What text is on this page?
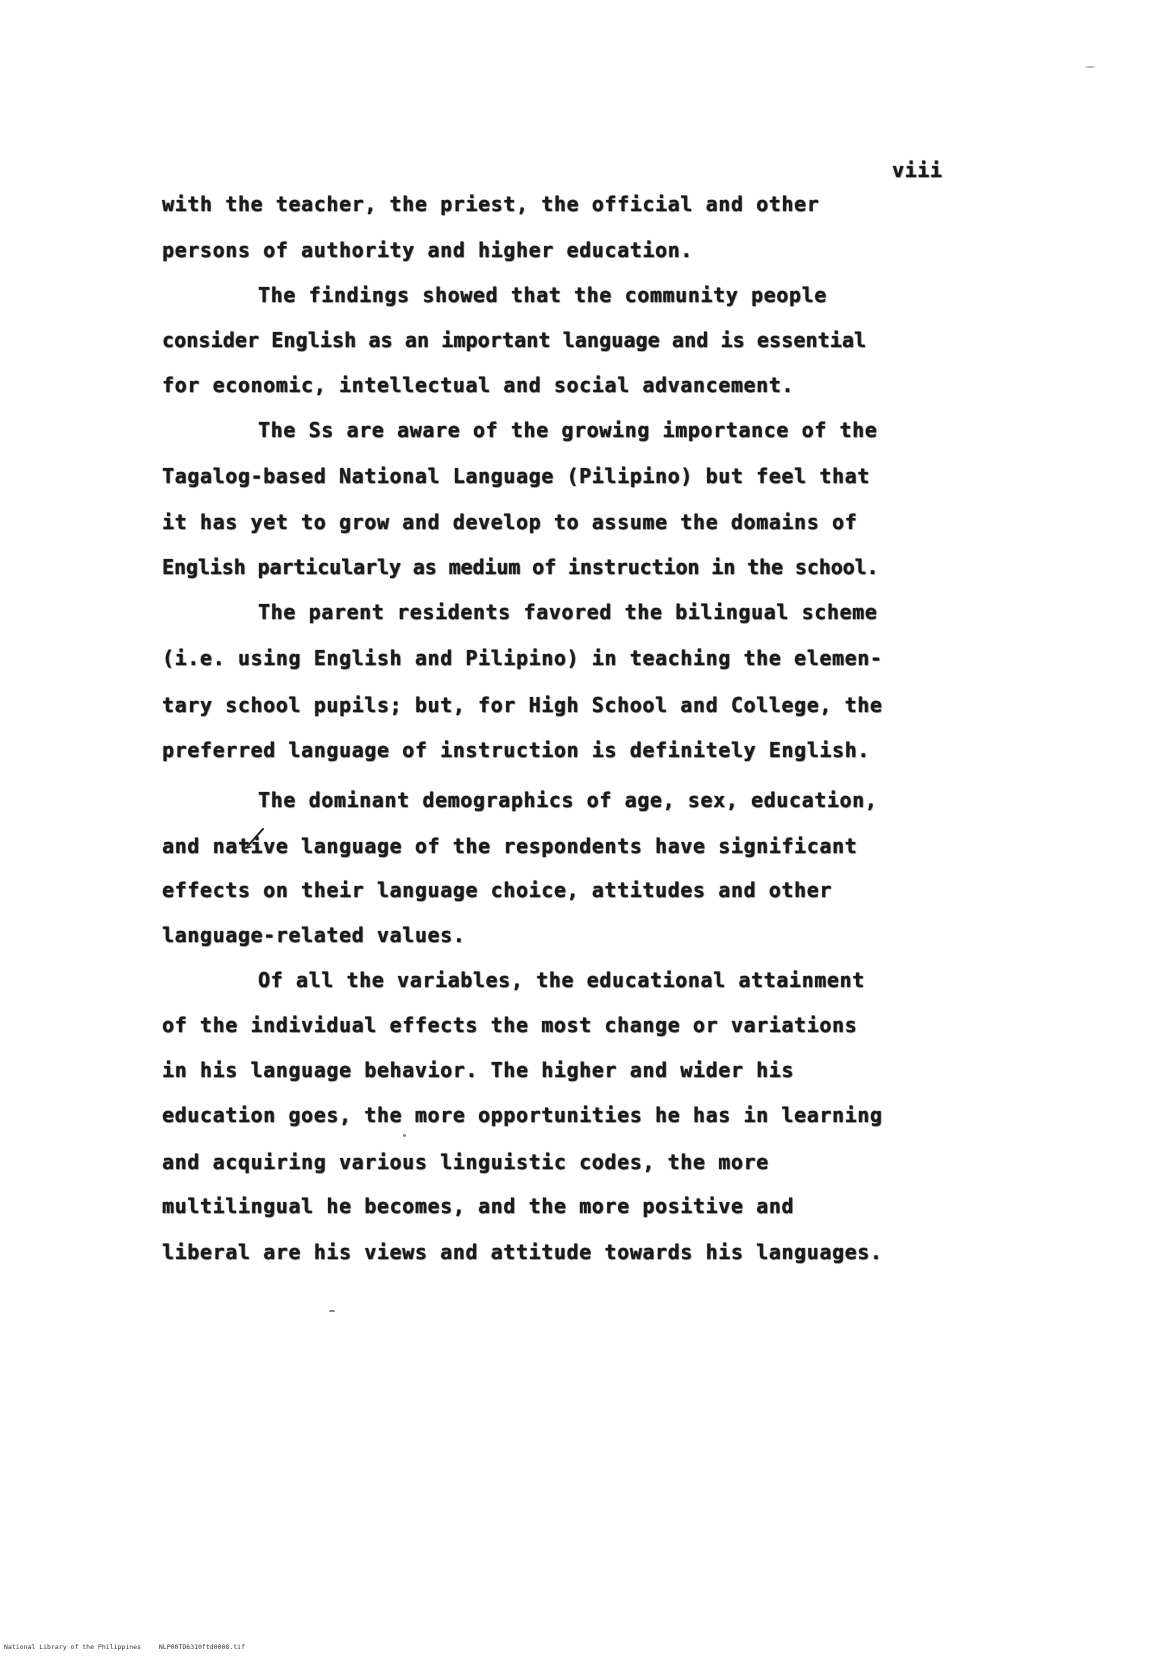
viii
with the teacher, the priest, the official and other
persons of authority and higher education.
The findings showed that the community people
consider English as an important language and is essential
for economic, intellectual and social advancement.
The Ss are aware of the growing importance of the
Tagalog-based National Language (Pilipino) but feel that
it has yet to grow and develop to assume the domains of
English particularly as medium of instruction in the school.
The parent residents favored the bilingual scheme
(i.e. using English and Pilipino) in teaching the elemen-
tary school pupils; but, for High School and College, the
preferred language of instruction is definitely English.
The dominant demographics of age, sex, education,
and native language of the respondents have significant
effects on their language choice, attitudes and other
language-related values.
Of all the variables, the educational attainment
of the individual effects the most change or variations
in his language behavior. The higher and wider his
education goes, the more opportunities he has in learning
and acquiring various linguistic codes, the more
multilingual he becomes, and the more positive and
liberal are his views and attitude towards his languages.
National Library of the Philippines	NLP00TD6310ftd0008.tif
